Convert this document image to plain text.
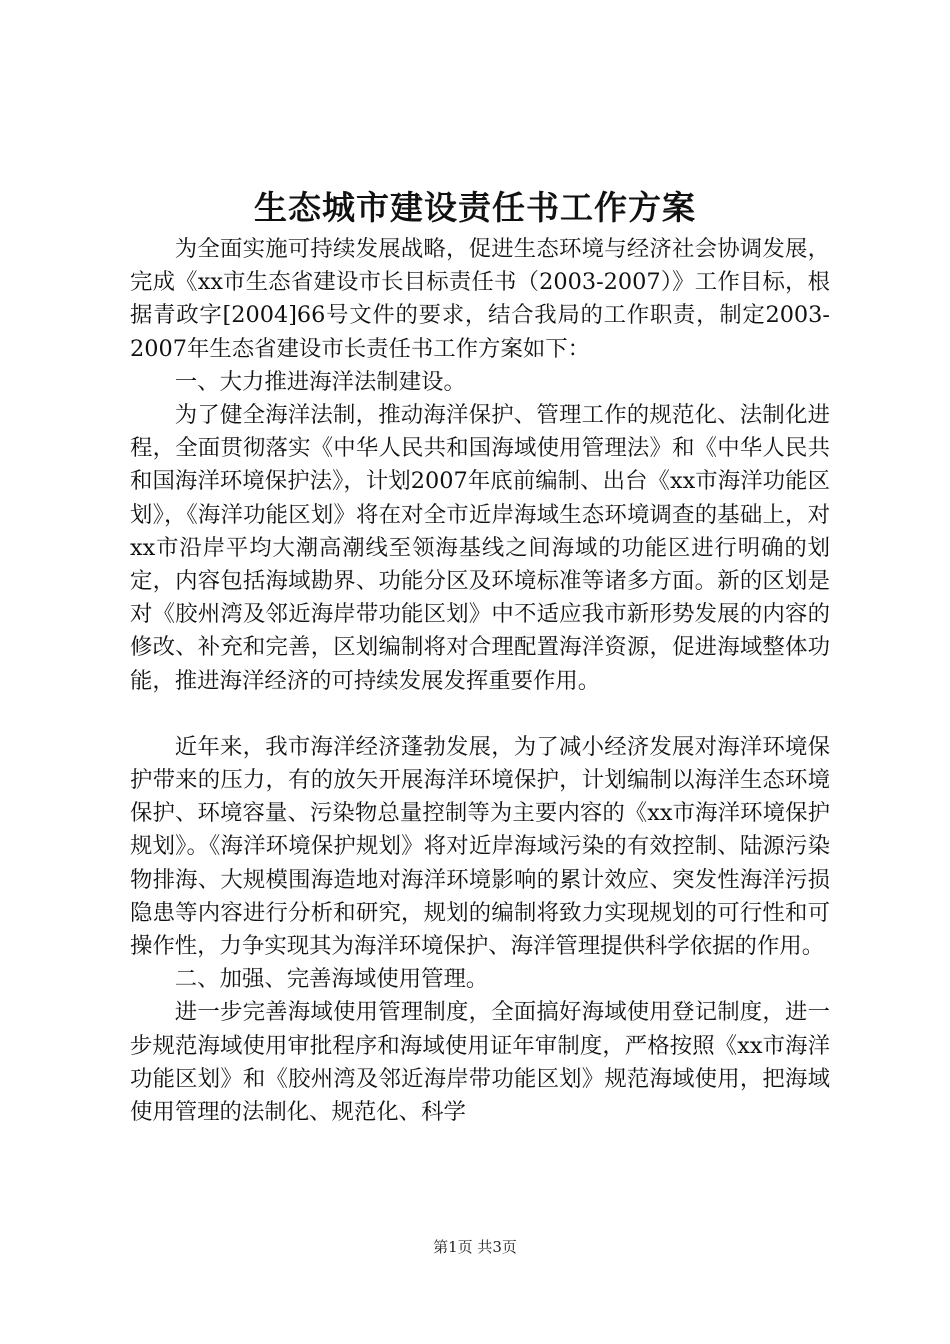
生态城市建设责任书工作方案

为全面实施可持续发展战略，促进生态环境与经济社会协调发展，完成《xx市生态省建设市长目标责任书（2003-2007）》工作目标，根据青政字[2004]66号文件的要求，结合我局的工作职责，制定2003-2007年生态省建设市长责任书工作方案如下：

一、大力推进海洋法制建设。

为了健全海洋法制，推动海洋保护、管理工作的规范化、法制化进程，全面贯彻落实《中华人民共和国海域使用管理法》和《中华人民共和国海洋环境保护法》，计划2007年底前编制、出台《xx市海洋功能区划》，《海洋功能区划》将在对全市近岸海域生态环境调查的基础上，对xx市沿岸平均大潮高潮线至领海基线之间海域的功能区进行明确的划定，内容包括海域勘界、功能分区及环境标准等诸多方面。新的区划是对《胶州湾及邻近海岸带功能区划》中不适应我市新形势发展的内容的修改、补充和完善，区划编制将对合理配置海洋资源，促进海域整体功能，推进海洋经济的可持续发展发挥重要作用。

近年来，我市海洋经济蓬勃发展，为了减小经济发展对海洋环境保护带来的压力，有的放矢开展海洋环境保护，计划编制以海洋生态环境保护、环境容量、污染物总量控制等为主要内容的《xx市海洋环境保护规划》。《海洋环境保护规划》将对近岸海域污染的有效控制、陆源污染物排海、大规模围海造地对海洋环境影响的累计效应、突发性海洋污损隐患等内容进行分析和研究，规划的编制将致力实现规划的可行性和可操作性，力争实现其为海洋环境保护、海洋管理提供科学依据的作用。

二、加强、完善海域使用管理。

进一步完善海域使用管理制度，全面搞好海域使用登记制度，进一步规范海域使用审批程序和海域使用证年审制度，严格按照《xx市海洋功能区划》和《胶州湾及邻近海岸带功能区划》规范海域使用，把海域使用管理的法制化、规范化、科学

第1页 共3页
